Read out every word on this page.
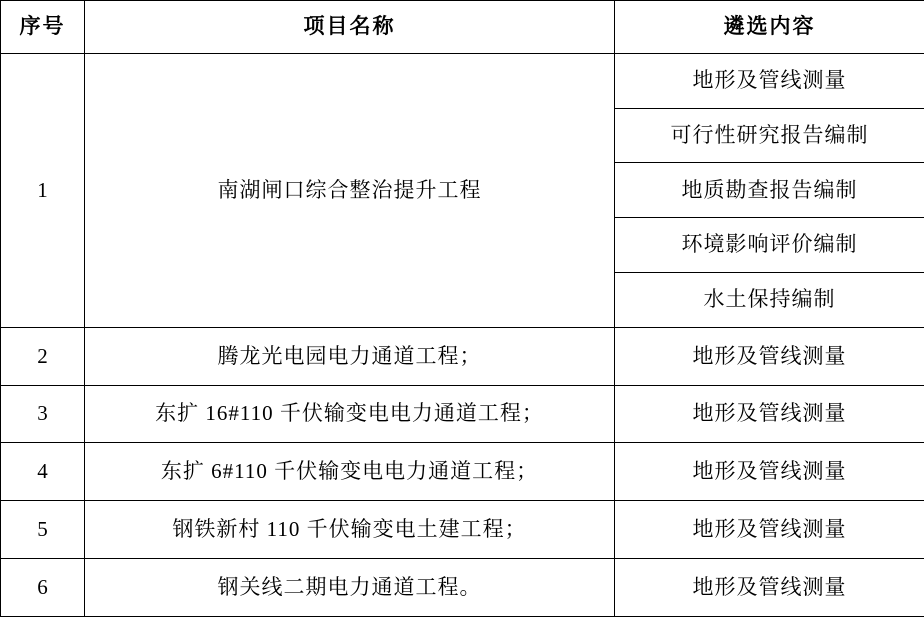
序号	项目名称	遴选内容
1	南湖闸口综合整治提升工程	地形及管线测量
		可行性研究报告编制
		地质勘查报告编制
		环境影响评价编制
		水土保持编制
2	腾龙光电园电力通道工程；	地形及管线测量
3	东扩 16#110 千伏输变电电力通道工程；	地形及管线测量
4	东扩 6#110 千伏输变电电力通道工程；	地形及管线测量
5	钢铁新村 110 千伏输变电土建工程；	地形及管线测量
6	钢关线二期电力通道工程。	地形及管线测量
